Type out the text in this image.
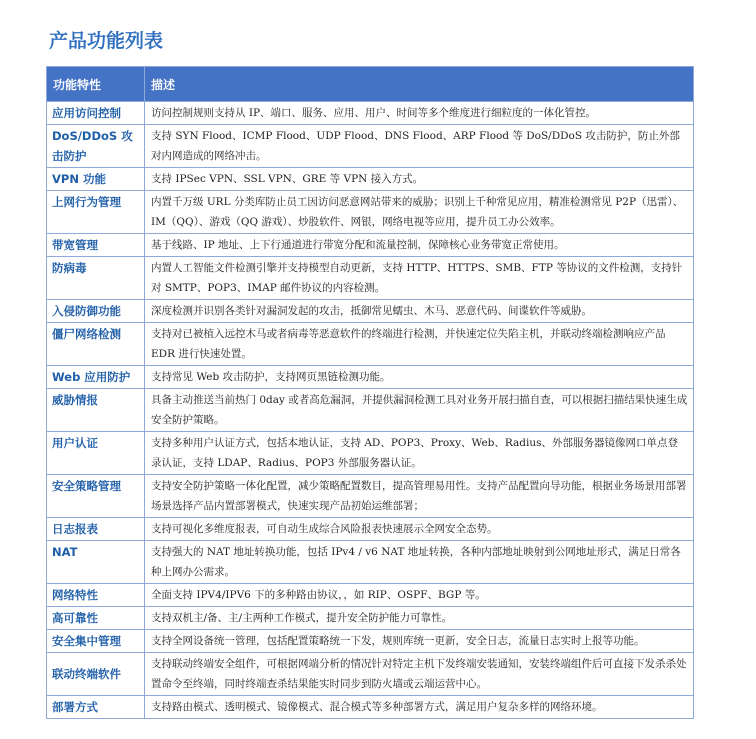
产品功能列表
功能特性	描述
应用访问控制	访问控制规则支持从 IP、端口、服务、应用、用户、时间等多个维度进行细粒度的一体化管控。
DoS/DDoS 攻击防护	支持 SYN Flood、ICMP Flood、UDP Flood、DNS Flood、ARP Flood 等 DoS/DDoS 攻击防护，防止外部对内网造成的网络冲击。
VPN 功能	支持 IPSec VPN、SSL VPN、GRE 等 VPN 接入方式。
上网行为管理	内置千万级 URL 分类库防止员工因访问恶意网站带来的威胁；识别上千种常见应用，精准检测常见 P2P（迅雷）、IM（QQ）、游戏（QQ 游戏）、炒股软件、网银，网络电视等应用，提升员工办公效率。
带宽管理	基于线路、IP 地址、上下行通道进行带宽分配和流量控制，保障核心业务带宽正常使用。
防病毒	内置人工智能文件检测引擎并支持模型自动更新，支持 HTTP、HTTPS、SMB、FTP 等协议的文件检测，支持针对 SMTP、POP3、IMAP 邮件协议的内容检测。
入侵防御功能	深度检测并识别各类针对漏洞发起的攻击，抵御常见蠕虫、木马、恶意代码、间谍软件等威胁。
僵尸网络检测	支持对已被植入远控木马或者病毒等恶意软件的终端进行检测，并快速定位失陷主机，并联动终端检测响应产品 EDR 进行快速处置。
Web 应用防护	支持常见 Web 攻击防护，支持网页黑链检测功能。
威胁情报	具备主动推送当前热门 0day 或者高危漏洞，并提供漏洞检测工具对业务开展扫描自查，可以根据扫描结果快速生成安全防护策略。
用户认证	支持多种用户认证方式，包括本地认证，支持 AD、POP3、Proxy、Web、Radius、外部服务器镜像网口单点登录认证，支持 LDAP、Radius、POP3 外部服务器认证。
安全策略管理	支持安全防护策略一体化配置，减少策略配置数目，提高管理易用性。支持产品配置向导功能，根据业务场景用部署场景选择产品内置部署模式，快速实现产品初始运维部署；
日志报表	支持可视化多维度报表，可自动生成综合风险报表快速展示全网安全态势。
NAT	支持强大的 NAT 地址转换功能，包括 IPv4 / v6 NAT 地址转换，各种内部地址映射到公网地址形式，满足日常各种上网办公需求。
网络特性	全面支持 IPV4/IPV6 下的多种路由协议，，如 RIP、OSPF、BGP 等。
高可靠性	支持双机主/备、主/主两种工作模式，提升安全防护能力可靠性。
安全集中管理	支持全网设备统一管理，包括配置策略统一下发，规则库统一更新，安全日志，流量日志实时上报等功能。
联动终端软件	支持联动终端安全组件，可根据网端分析的情况针对特定主机下发终端安装通知，安装终端组件后可直接下发杀杀处置命令至终端，同时终端查杀结果能实时同步到防火墙或云端运营中心。
部署方式	支持路由模式、透明模式、镜像模式、混合模式等多种部署方式，满足用户复杂多样的网络环境。
